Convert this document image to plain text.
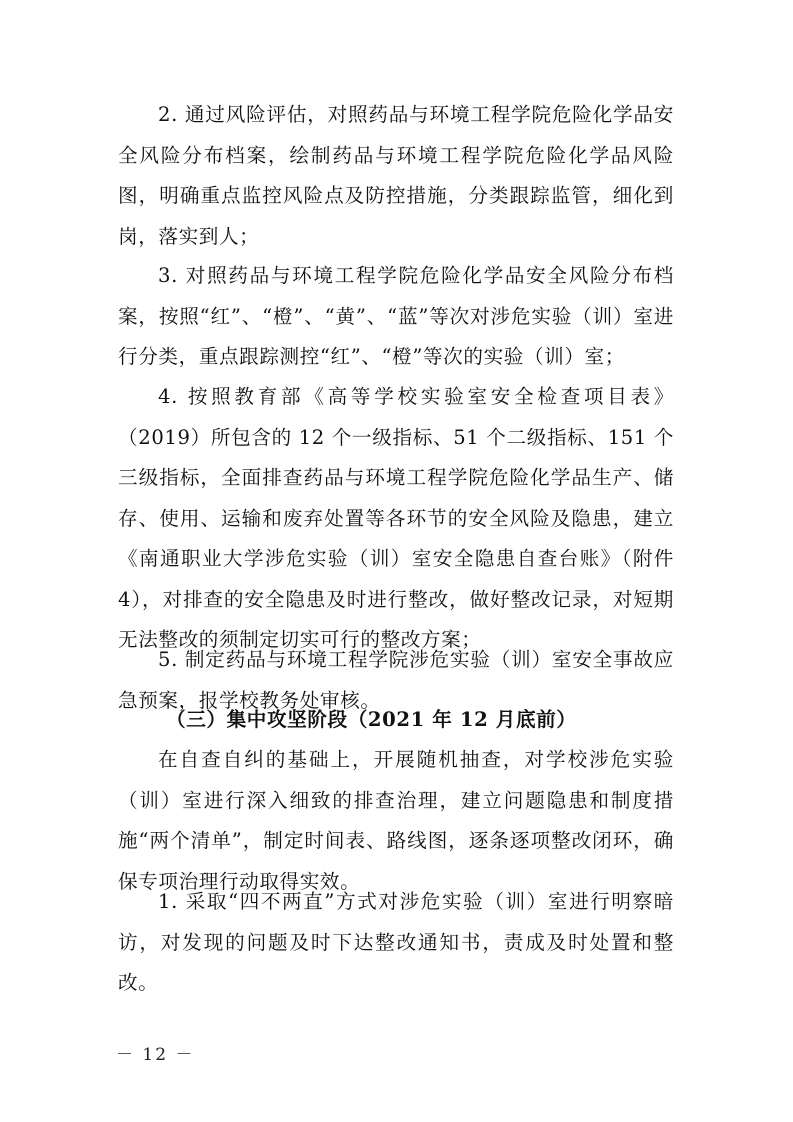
2. 通过风险评估，对照药品与环境工程学院危险化学品安全风险分布档案，绘制药品与环境工程学院危险化学品风险图，明确重点监控风险点及防控措施，分类跟踪监管，细化到岗，落实到人；

3. 对照药品与环境工程学院危险化学品安全风险分布档案，按照“红”、“橙”、“黄”、“蓝”等次对涉危实验（训）室进行分类，重点跟踪测控“红”、“橙”等次的实验（训）室；

4. 按照教育部《高等学校实验室安全检查项目表》（2019）所包含的 12 个一级指标、51 个二级指标、151 个三级指标，全面排查药品与环境工程学院危险化学品生产、储存、使用、运输和废弃处置等各环节的安全风险及隐患，建立《南通职业大学涉危实验（训）室安全隐患自查台账》（附件 4），对排查的安全隐患及时进行整改，做好整改记录，对短期无法整改的须制定切实可行的整改方案；

5. 制定药品与环境工程学院涉危实验（训）室安全事故应急预案，报学校教务处审核。

（三）集中攻坚阶段（2021 年 12 月底前）

在自查自纠的基础上，开展随机抽查，对学校涉危实验（训）室进行深入细致的排查治理，建立问题隐患和制度措施“两个清单”，制定时间表、路线图，逐条逐项整改闭环，确保专项治理行动取得实效。

1. 采取“四不两直”方式对涉危实验（训）室进行明察暗访，对发现的问题及时下达整改通知书，责成及时处置和整改。

－ 12 －
